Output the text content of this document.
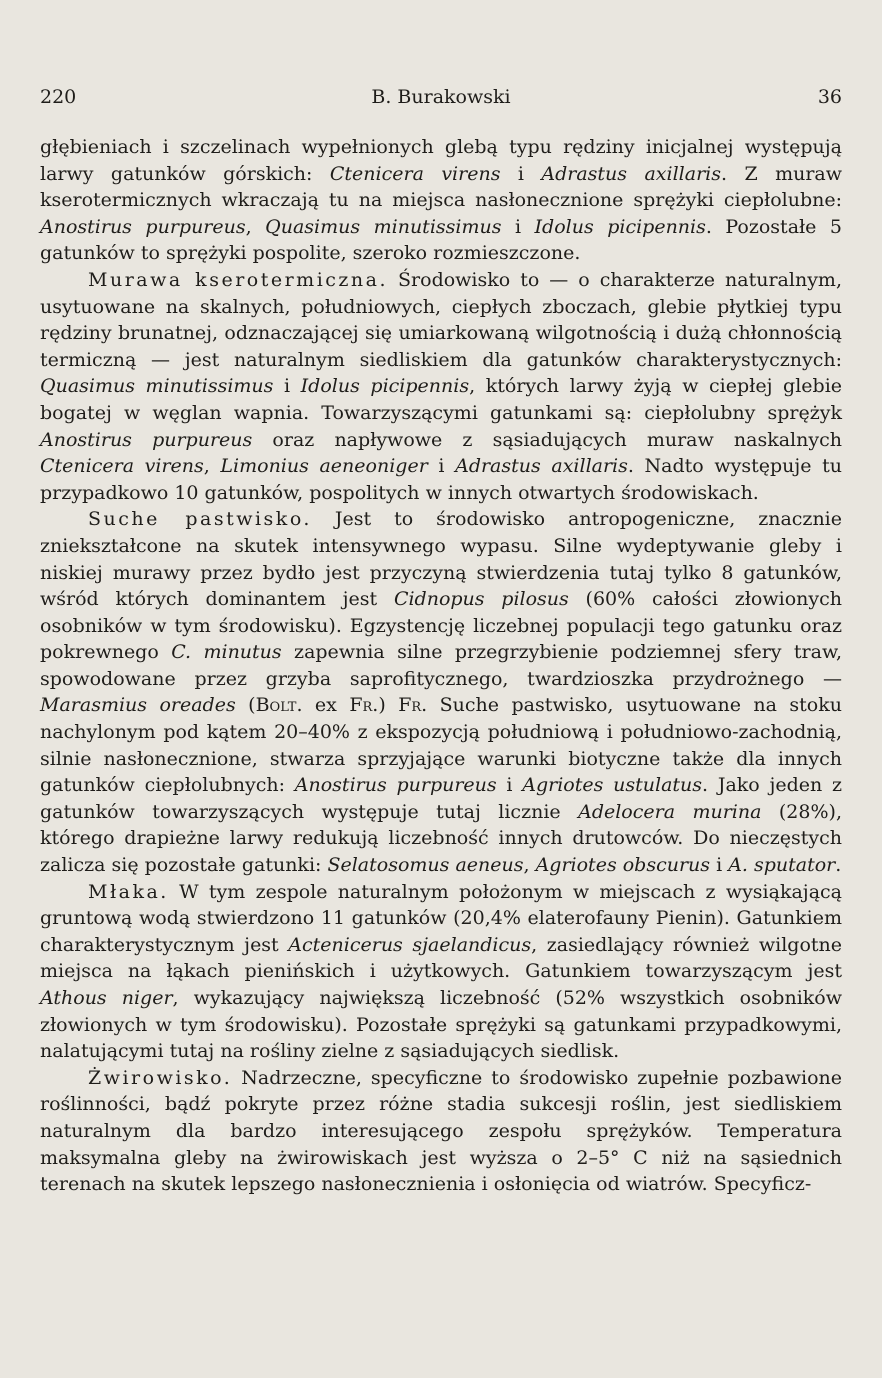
220	B. Burakowski	36

głębieniach i szczelinach wypełnionych glebą typu rędziny inicjalnej występują larwy gatunków górskich: Ctenicera virens i Adrastus axillaris. Z muraw kserotermicznych wkraczają tu na miejsca nasłonecznione sprężyki ciepłolubne: Anostirus purpureus, Quasimus minutissimus i Idolus picipennis. Pozostałe 5 gatunków to sprężyki pospolite, szeroko rozmieszczone.

Murawa kserotermiczna. Środowisko to — o charakterze naturalnym, usytuowane na skalnych, południowych, ciepłych zboczach, glebie płytkiej typu rędziny brunatnej, odznaczającej się umiarkowaną wilgotnością i dużą chłonnością termiczną — jest naturalnym siedliskiem dla gatunków charakterystycznych: Quasimus minutissimus i Idolus picipennis, których larwy żyją w ciepłej glebie bogatej w węglan wapnia. Towarzyszącymi gatunkami są: ciepłolubny sprężyk Anostirus purpureus oraz napływowe z sąsiadujących muraw naskalnych Ctenicera virens, Limonius aeneoniger i Adrastus axillaris. Nadto występuje tu przypadkowo 10 gatunków, pospolitych w innych otwartych środowiskach.

Suche pastwisko. Jest to środowisko antropogeniczne, znacznie zniekształcone na skutek intensywnego wypasu. Silne wydeptywanie gleby i niskiej murawy przez bydło jest przyczyną stwierdzenia tutaj tylko 8 gatunków, wśród których dominantem jest Cidnopus pilosus (60% całości złowionych osobników w tym środowisku). Egzystencję liczebnej populacji tego gatunku oraz pokrewnego C. minutus zapewnia silne przegrzybienie podziemnej sfery traw, spowodowane przez grzyba saprofitycznego, twardzioszka przydrożnego — Marasmius oreades (Bolt. ex Fr.) Fr. Suche pastwisko, usytuowane na stoku nachylonym pod kątem 20–40% z ekspozycją południową i południowo-zachodnią, silnie nasłonecznione, stwarza sprzyjające warunki biotyczne także dla innych gatunków ciepłolubnych: Anostirus purpureus i Agriotes ustulatus. Jako jeden z gatunków towarzyszących występuje tutaj licznie Adelocera murina (28%), którego drapieżne larwy redukują liczebność innych drutowców. Do nieczęstych zalicza się pozostałe gatunki: Selatosomus aeneus, Agriotes obscurus i A. sputator.

Młaka. W tym zespole naturalnym położonym w miejscach z wysiąkającą gruntową wodą stwierdzono 11 gatunków (20,4% elaterofauny Pienin). Gatunkiem charakterystycznym jest Actenicerus sjaelandicus, zasiedlający również wilgotne miejsca na łąkach pienińskich i użytkowych. Gatunkiem towarzyszącym jest Athous niger, wykazujący największą liczebność (52% wszystkich osobników złowionych w tym środowisku). Pozostałe sprężyki są gatunkami przypadkowymi, nalatującymi tutaj na rośliny zielne z sąsiadujących siedlisk.

Żwirowisko. Nadrzeczne, specyficzne to środowisko zupełnie pozbawione roślinności, bądź pokryte przez różne stadia sukcesji roślin, jest siedliskiem naturalnym dla bardzo interesującego zespołu sprężyków. Temperatura maksymalna gleby na żwirowiskach jest wyższa o 2–5° C niż na sąsiednich terenach na skutek lepszego nasłonecznienia i osłonięcia od wiatrów. Specyficz-
